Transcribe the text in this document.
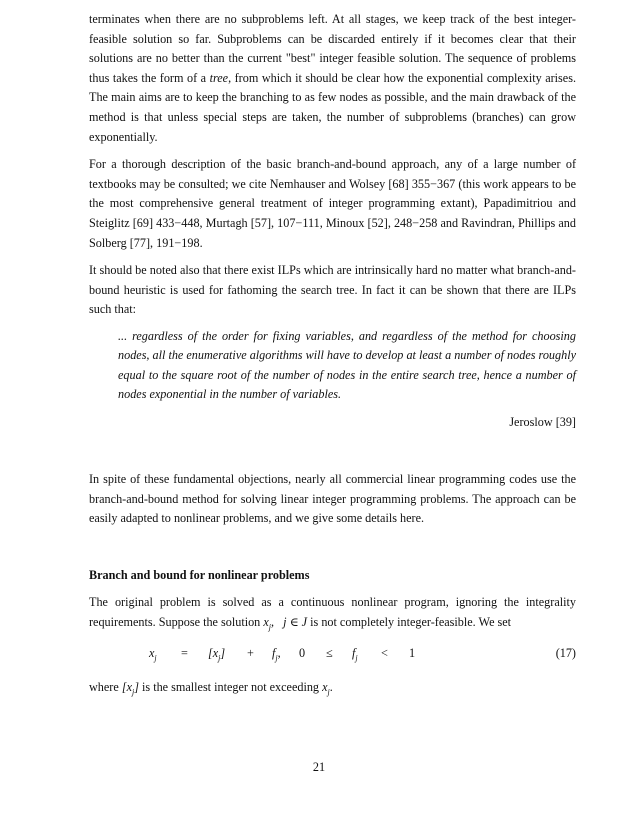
terminates when there are no subproblems left. At all stages, we keep track of the best integer-feasible solution so far. Subproblems can be discarded entirely if it becomes clear that their solutions are no better than the current "best" integer feasible solution. The sequence of problems thus takes the form of a tree, from which it should be clear how the exponential complexity arises. The main aims are to keep the branching to as few nodes as possible, and the main drawback of the method is that unless special steps are taken, the number of subproblems (branches) can grow exponentially.

For a thorough description of the basic branch-and-bound approach, any of a large number of textbooks may be consulted; we cite Nemhauser and Wolsey [68] 355−367 (this work appears to be the most comprehensive general treatment of integer programming extant), Papadimitriou and Steiglitz [69] 433−448, Murtagh [57], 107−111, Minoux [52], 248−258 and Ravindran, Phillips and Solberg [77], 191−198.

It should be noted also that there exist ILPs which are intrinsically hard no matter what branch-and-bound heuristic is used for fathoming the search tree. In fact it can be shown that there are ILPs such that:

... regardless of the order for fixing variables, and regardless of the method for choosing nodes, all the enumerative algorithms will have to develop at least a number of nodes roughly equal to the square root of the number of nodes in the entire search tree, hence a number of nodes exponential in the number of variables.

Jeroslow [39]

In spite of these fundamental objections, nearly all commercial linear programming codes use the branch-and-bound method for solving linear integer programming problems. The approach can be easily adapted to nonlinear problems, and we give some details here.

Branch and bound for nonlinear problems

The original problem is solved as a continuous nonlinear program, ignoring the integrality requirements. Suppose the solution $x_j$,   j ∈ J is not completely integer-feasible. We set

$x_j = [x_j] + f_j$, $0 \le f_j < 1$	(17)

where $[x_j]$ is the smallest integer not exceeding $x_j$.

21
